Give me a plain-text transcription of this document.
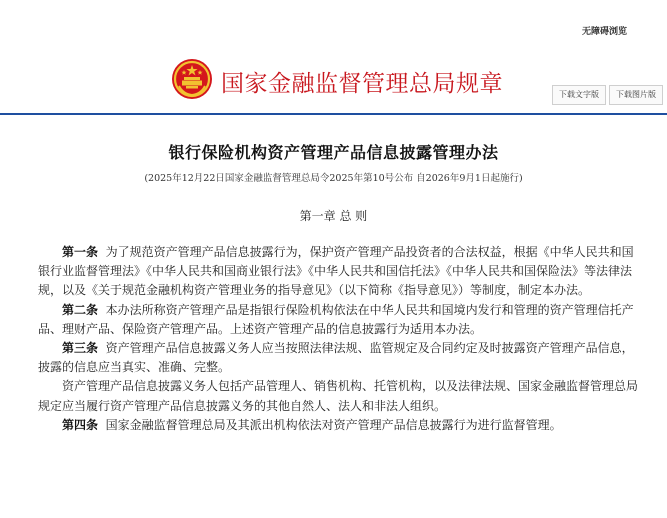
无障碍浏览
国家金融监督管理总局规章	下载文字版	下载图片版
银行保险机构资产管理产品信息披露管理办法
(2025年12月22日国家金融监督管理总局令2025年第10号公布 自2026年9月1日起施行)
第一章 总 则

第一条 为了规范资产管理产品信息披露行为，保护资产管理产品投资者的合法权益，根据《中华人民共和国银行业监督管理法》《中华人民共和国商业银行法》《中华人民共和国信托法》《中华人民共和国保险法》等法律法规，以及《关于规范金融机构资产管理业务的指导意见》（以下简称《指导意见》）等制度，制定本办法。

第二条 本办法所称资产管理产品是指银行保险机构依法在中华人民共和国境内发行和管理的资产管理信托产品、理财产品、保险资产管理产品。上述资产管理产品的信息披露行为适用本办法。

第三条 资产管理产品信息披露义务人应当按照法律法规、监管规定及合同约定及时披露资产管理产品信息，披露的信息应当真实、准确、完整。

资产管理产品信息披露义务人包括产品管理人、销售机构、托管机构，以及法律法规、国家金融监督管理总局规定应当履行资产管理产品信息披露义务的其他自然人、法人和非法人组织。

第四条 国家金融监督管理总局及其派出机构依法对资产管理产品信息披露行为进行监督管理。
